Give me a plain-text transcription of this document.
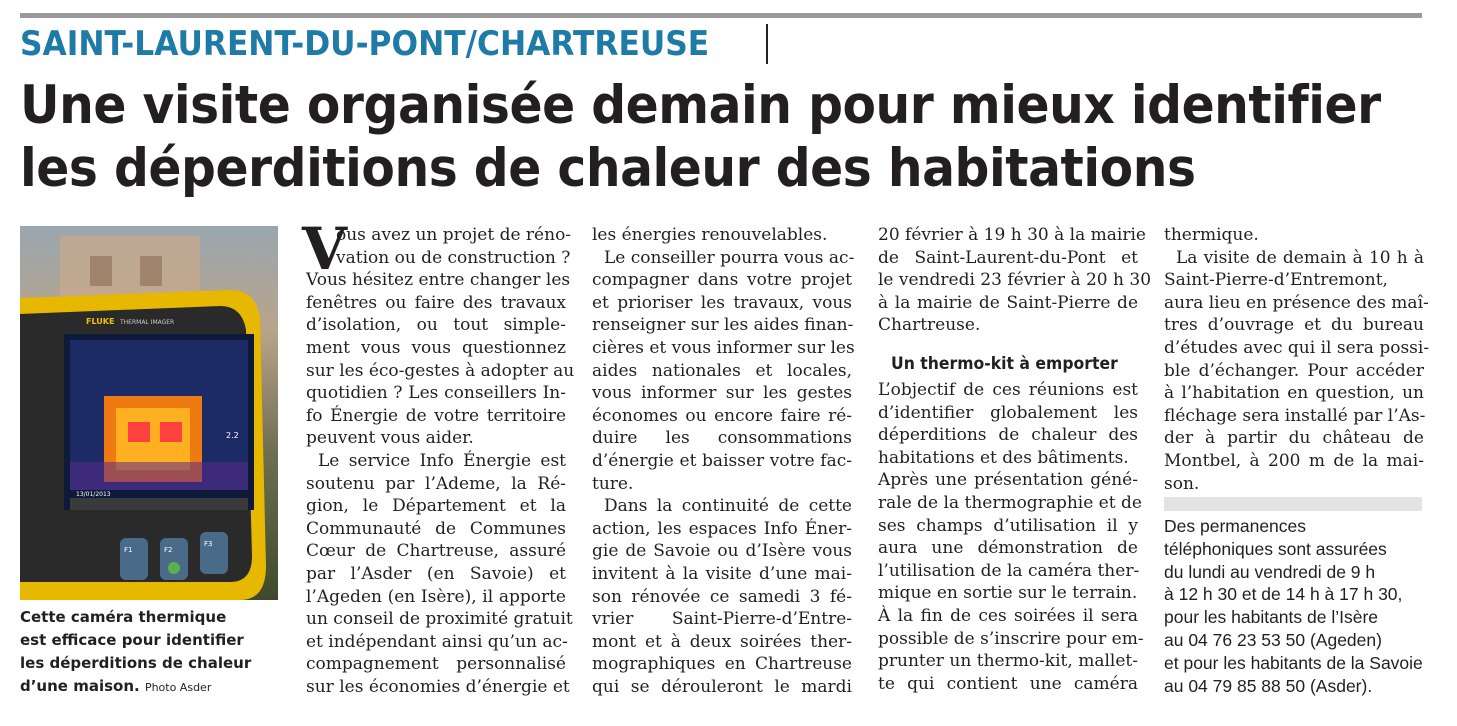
SAINT-LAURENT-DU-PONT/CHARTREUSE
Une visite organisée demain pour mieux identifier
les déperditions de chaleur des habitations
FLUKE THERMAL IMAGER
2.2
13/01/2013
F1	F2
F3
Cette caméra thermique
est efficace pour identifier
les déperditions de chaleur
d’une maison. Photo Asder
V
ous avez un projet de réno-
vation ou de construction ?
Vous hésitez entre changer les
fenêtres ou faire des travaux
d’isolation, ou tout simple-
ment vous vous questionnez
sur les éco-gestes à adopter au
quotidien ? Les conseillers In-
fo Énergie de votre territoire
peuvent vous aider.
Le service Info Énergie est
soutenu par l’Ademe, la Ré-
gion, le Département et la
Communauté de Communes
Cœur de Chartreuse, assuré
par l’Asder (en Savoie) et
l’Ageden (en Isère), il apporte
un conseil de proximité gratuit
et indépendant ainsi qu’un ac-
compagnement personnalisé
sur les économies d’énergie et
les énergies renouvelables.
Le conseiller pourra vous ac-
compagner dans votre projet
et prioriser les travaux, vous
renseigner sur les aides finan-
cières et vous informer sur les
aides nationales et locales,
vous informer sur les gestes
économes ou encore faire ré-
duire les consommations
d’énergie et baisser votre fac-
ture.
Dans la continuité de cette
action, les espaces Info Éner-
gie de Savoie ou d’Isère vous
invitent à la visite d’une mai-
son rénovée ce samedi 3 fé-
vrier Saint-Pierre-d’Entre-
mont et à deux soirées ther-
mographiques en Chartreuse
qui se dérouleront le mardi
20 février à 19 h 30 à la mairie
de Saint-Laurent-du-Pont et
le vendredi 23 février à 20 h 30
à la mairie de Saint-Pierre de
Chartreuse.
Un thermo-kit à emporter
L’objectif de ces réunions est
d’identifier globalement les
déperditions de chaleur des
habitations et des bâtiments.
Après une présentation géné-
rale de la thermographie et de
ses champs d’utilisation il y
aura une démonstration de
l’utilisation de la caméra ther-
mique en sortie sur le terrain.
À la fin de ces soirées il sera
possible de s’inscrire pour em-
prunter un thermo-kit, mallet-
te qui contient une caméra
thermique.
La visite de demain à 10 h à
Saint-Pierre-d’Entremont,
aura lieu en présence des maî-
tres d’ouvrage et du bureau
d’études avec qui il sera possi-
ble d’échanger. Pour accéder
à l’habitation en question, un
fléchage sera installé par l’As-
der à partir du château de
Montbel, à 200 m de la mai-
son.
Des permanences
téléphoniques sont assurées
du lundi au vendredi de 9 h
à 12 h 30 et de 14 h à 17 h 30,
pour les habitants de l’Isère
au 04 76 23 53 50 (Ageden)
et pour les habitants de la Savoie
au 04 79 85 88 50 (Asder).
